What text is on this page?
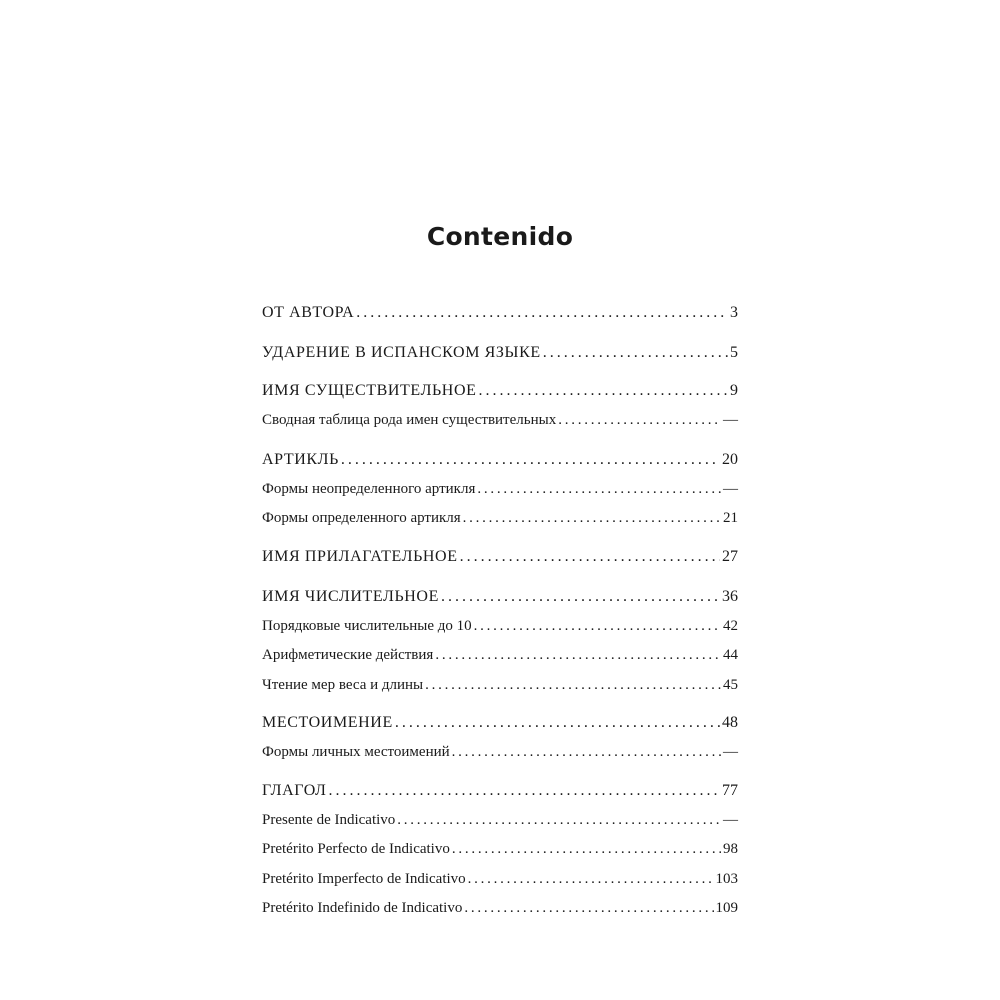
Contenido
ОТ АВТОРА . . .	3
УДАРЕНИЕ В ИСПАНСКОМ ЯЗЫКЕ . . .	5
ИМЯ СУЩЕСТВИТЕЛЬНОЕ . . .	9
Сводная таблица рода имен существительных . . .	—
АРТИКЛЬ . . .	20
Формы неопределенного артикля . . .	—
Формы определенного артикля . . .	21
ИМЯ ПРИЛАГАТЕЛЬНОЕ . . .	27
ИМЯ ЧИСЛИТЕЛЬНОЕ . . .	36
Порядковые числительные до 10 . . .	42
Арифметические действия . . .	44
Чтение мер веса и длины . . .	45
МЕСТОИМЕНИЕ . . .	48
Формы личных местоимений . . .	—
ГЛАГОЛ . . .	77
Presente de Indicativo . . .	—
Pretérito Perfecto de Indicativo . . .	98
Pretérito Imperfecto de Indicativo . . .	103
Pretérito Indefinido de Indicativo . . .	109
